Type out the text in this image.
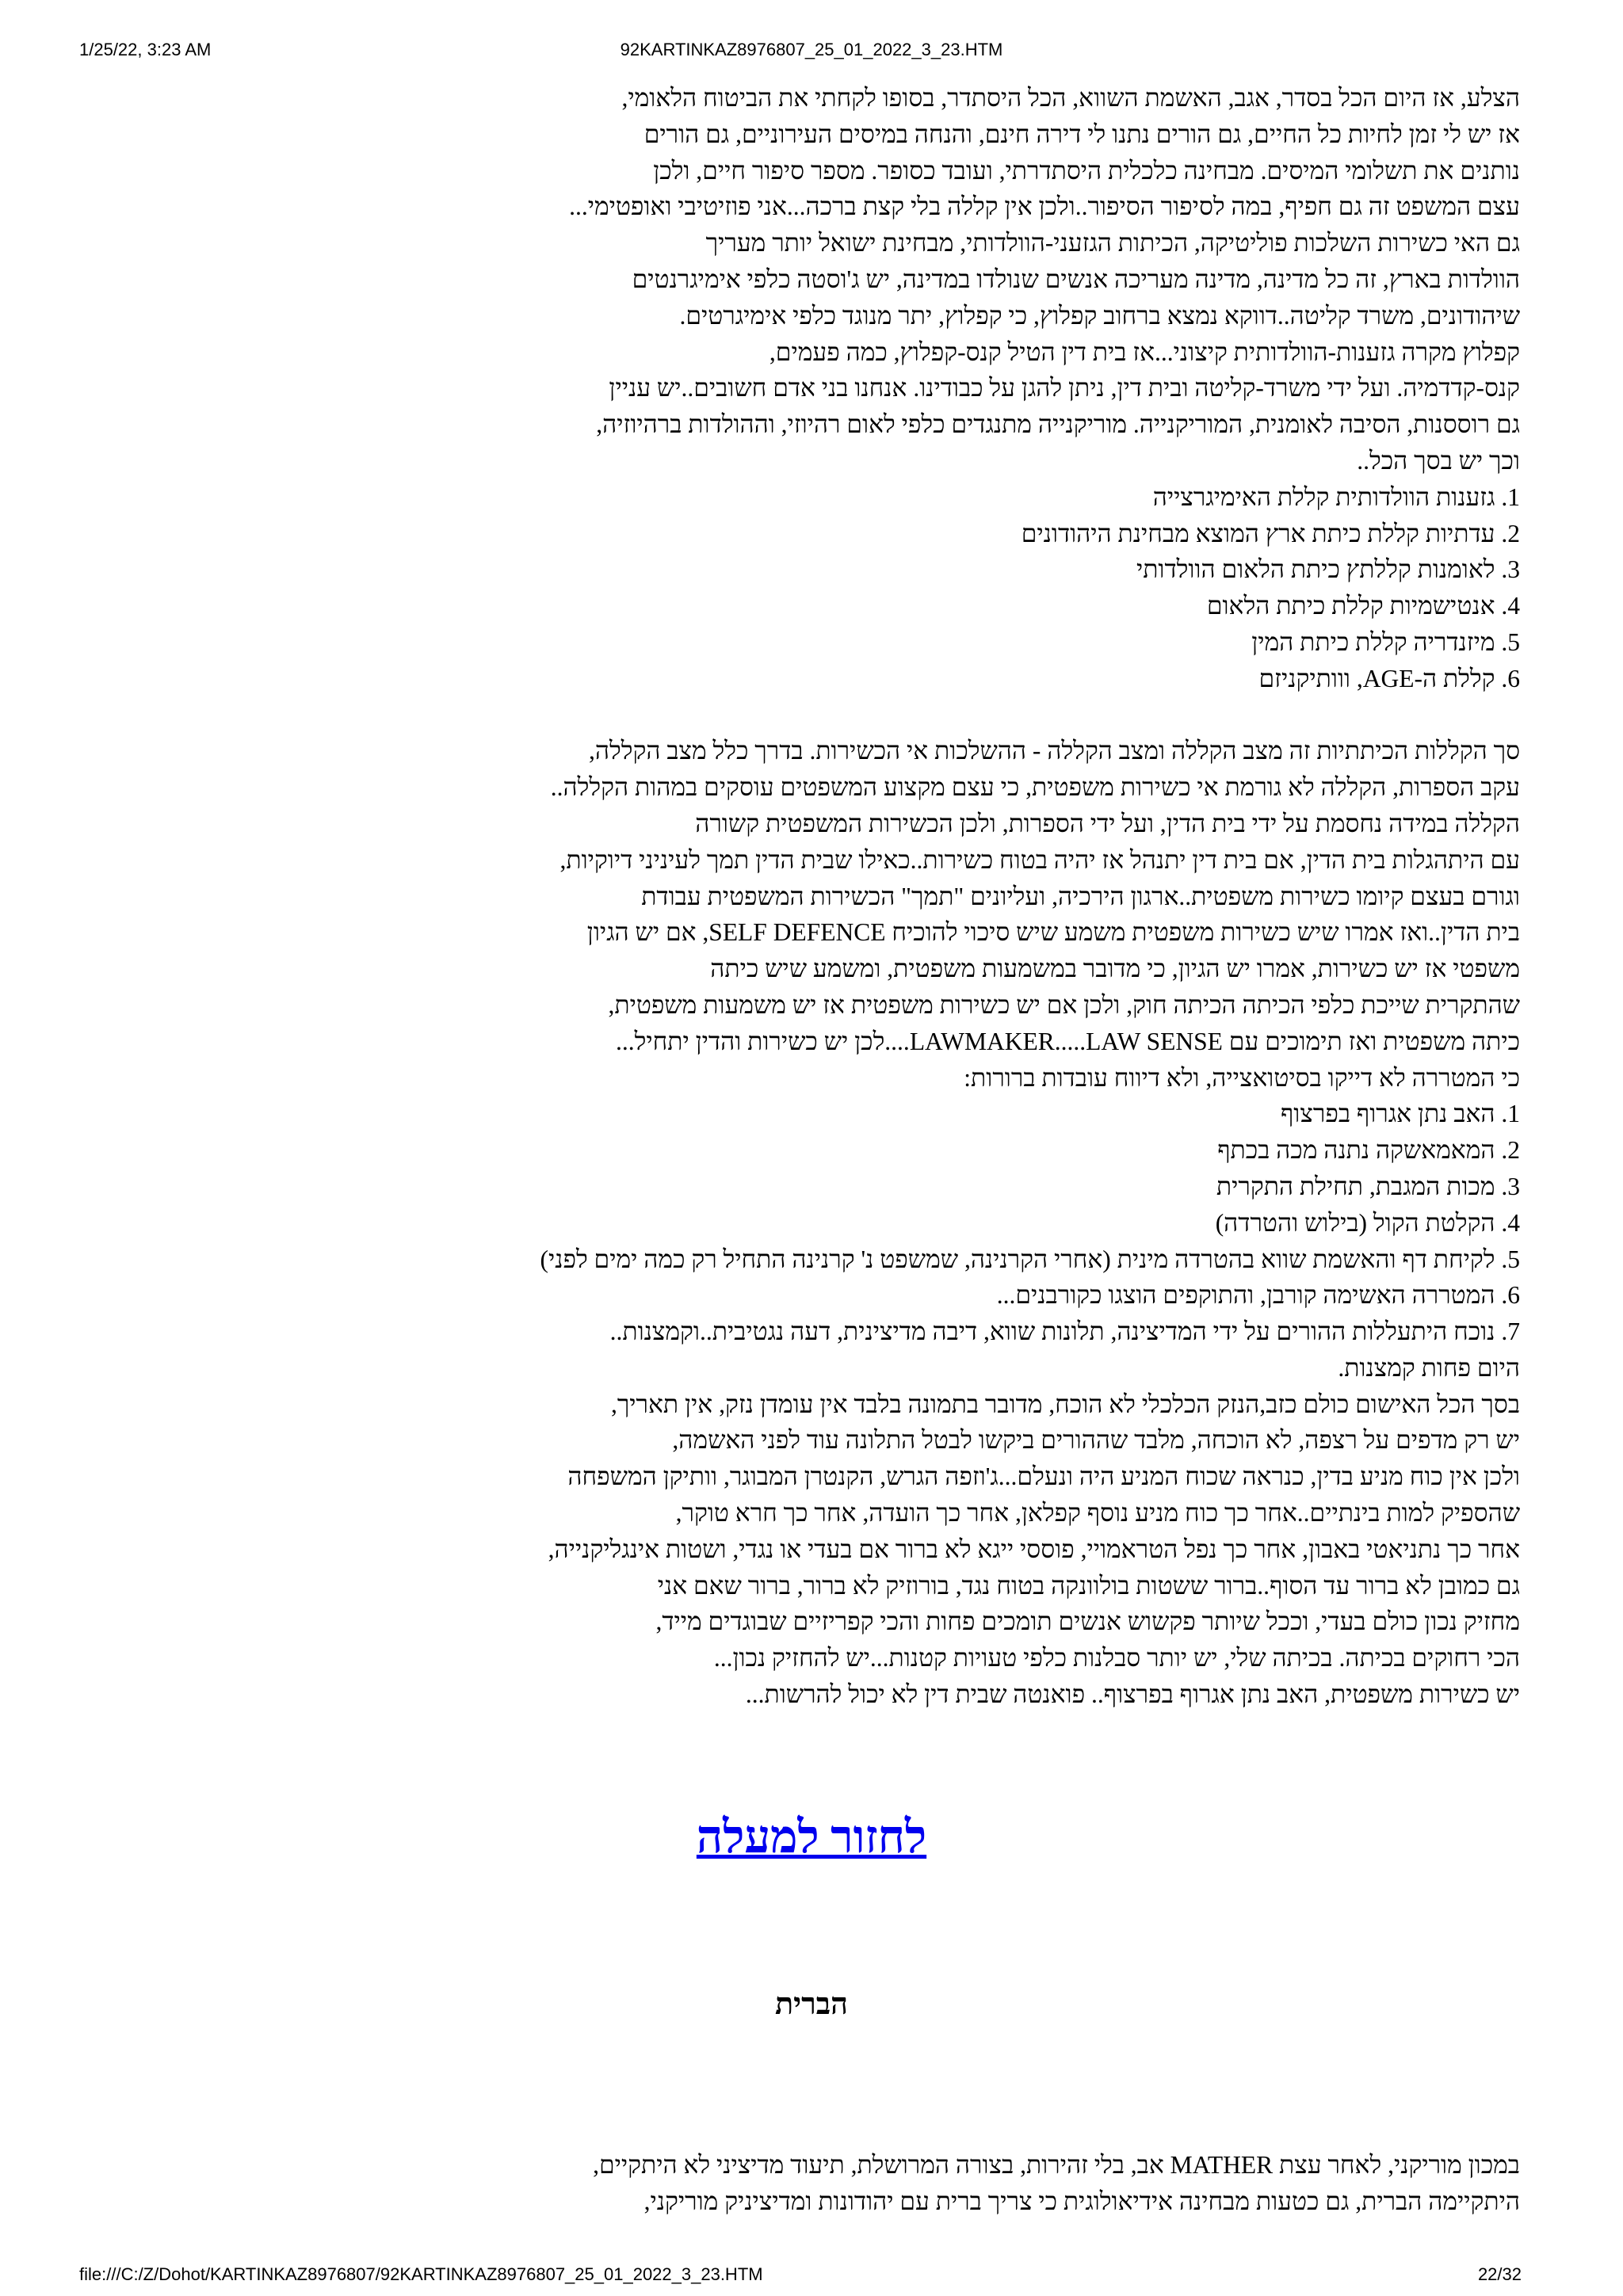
1/25/22, 3:23 AM	92KARTINKAZ8976807_25_01_2022_3_23.HTM
הצלע, אז היום הכל בסדר, אגב, האשמת השווא, הכל היסתדר, בסופו לקחתי את הביטוח הלאומי,
אז יש לי זמן לחיות כל החיים, גם הורים נתנו לי דירה חינם, והנחה במיסים העירוניים, גם הורים
נותנים את תשלומי המיסים. מבחינה כלכלית היסתדרתי, ועובד כסופר. מספר סיפור חיים, ולכן
עצם המשפט זה גם חפיף, במה לסיפור הסיפור..ולכן אין קללה בלי קצת ברכה...אני פוזיטיבי ואופטימי...
גם האי כשירות השלכות פוליטיקה, הכיתות הגזעני-הוולדותי, מבחינת ישואל יותר מעריך
הוולדות בארץ, זה כל מדינה, מדינה מעריכה אנשים שנולדו במדינה, יש ג'וסטה כלפי אימיגרנטים
שיהודונים, משרד קליטה..דווקא נמצא ברחוב קפלוץ, כי קפלוץ, יתר מנוגד כלפי אימיגרטים.
קפלוץ מקרה גזענות-הוולדותית קיצוני...אז בית דין הטיל קנס-קפלוץ, כמה פעמים,
קנס-קדדמיה. ועל ידי משרד-קליטה ובית דין, ניתן להגן על כבודינו. אנחנו בני אדם חשובים..יש עניין
גם רוססנות, הסיבה לאומנית, המוריקנייה. מוריקנייה מתנגדים כלפי לאום רהיוזי, וההולדות ברהיוזיה,
וכך יש בסך הכל..
1. גזענות הוולדותית קללת האימיגרצייה
2. עדתיות קללת כיתת ארץ המוצא מבחינת היהודונים
3. לאומנות קללתץ כיתת הלאום הוולדותי
4. אנטישמיות קללת כיתת הלאום
5. מיזנדריה קללת כיתת המין
6. קללת ה-AGE, ווותיקניזם
סך הקללות הכיתתיות זה מצב הקללה ומצב הקללה - ההשלכות אי הכשירות. בדרך כלל מצב הקללה,
עקב הספרות, הקללה לא גורמת אי כשירות משפטית, כי עצם מקצוע המשפטים עוסקים במהות הקללה..
הקללה במידה נחסמת על ידי בית הדין, ועל ידי הספרות, ולכן הכשירות המשפטית קשורה
עם היתהגלות בית הדין, אם בית דין יתנהל אז יהיה בטוח כשירות..כאילו שבית הדין תמך לעיניני דיוקיות,
וגורם בעצם קיומו כשירות משפטית..ארגון הירכיה, ועליונים "תמך" הכשירות המשפטית עבודת
בית הדין..ואז אמרו שיש כשירות משפטית משמע שיש סיכוי להוכיח SELF DEFENCE, אם יש הגיון
משפטי אז יש כשירות, אמרו יש הגיון, כי מדובר במשמעות משפטית, ומשמע שיש כיתה
שהתקרית שייכת כלפי הכיתה הכיתה חוק, ולכן אם יש כשירות משפטית אז יש משמעות משפטית,
כיתה משפטית ואז תימוכים עם LAWMAKER.....LAW SENSE....לכן יש כשירות והדין יתחיל...
כי המטררה לא דייקו בסיטואצייה, ולא דיווח עובדות ברורות:
1. האב נתן אגרוף בפרצוף
2. המאמאשקה נתנה מכה בכתף
3. מכות המגבת, תחילת התקרית
4. הקלטת הקול (בילוש והטרדה)
5. לקיחת דף והאשמת שווא בהטרדה מינית (אחרי הקרנינה, שמשפט נ' קרנינה התחיל רק כמה ימים לפני)
6. המטררה האשימה קורבן, והתוקפים הוצגו כקורבנים...
7. נוכח היתעללות ההורים על ידי המדיצינה, תלונות שווא, דיבה מדיצינית, דעה נגטיבית..וקמצנות..
היום פחות קמצנות.
בסך הכל האישום כולם כזב,הנזק הכלכלי לא הוכח, מדובר בתמונה בלבד אין עומדן נזק, אין תאריך,
יש רק מדפים על רצפה, לא הוכחה, מלבד שההורים ביקשו לבטל התלונה עוד לפני האשמה,
ולכן אין כוח מניע בדין, כנראה שכוח המניע היה ונעלם...ג'וזפה הגרש, הקנטרן המבוגר, וותיקן המשפחה
שהספיק למות בינתיים..אחר כך כוח מניע נוסף קפלאן, אחר כך הועדה, אחר כך חרא טוקר,
אחר כך נתניאטי באבון, אחר כך נפל הטראמויי, פוססי ייגא לא ברור אם בעדי או נגדי, ושטות אינגליקנייה,
גם כמובן לא ברור עד הסוף..ברור ששטות בולוונקה בטוח נגד, בורוזיק לא ברור, ברור שאם אני
מחזיק נכון כולם בעדי, וככל שיותר פקשוש אנשים תומכים פחות והכי קפריזיים שבוגדים מייד,
הכי רחוקים בכיתה. בכיתה שלי, יש יותר סבלנות כלפי טעויות קטנות...יש להחזיק נכון...
יש כשירות משפטית, האב נתן אגרוף בפרצוף.. פואנטה שבית דין לא יכול להרשות...
לחזור למעלה
הברית
במכון מוריקני, לאחר עצת MATHER אב, בלי זהירות, בצורה המרושלת, תיעוד מדיציני לא היתקיים,
היתקיימה הברית, גם כטעות מבחינה אידיאולוגית כי צריך ברית עם יהודונות ומדיציניק מוריקני,
file:///C:/Z/Dohot/KARTINKAZ8976807/92KARTINKAZ8976807_25_01_2022_3_23.HTM	22/32
